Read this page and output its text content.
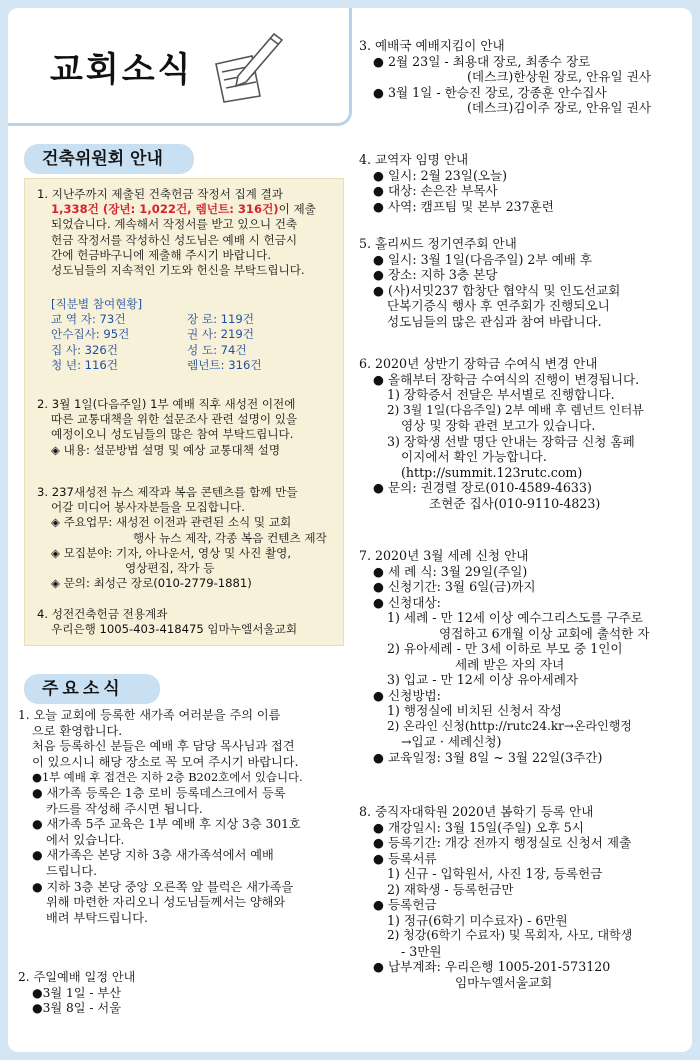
교회소식
건축위원회 안내
1. 지난주까지 제출된 건축헌금 작정서 집계 결과
1,338건 (장년: 1,022건, 렘넌트: 316건)이 제출
되었습니다. 계속해서 작정서를 받고 있으니 건축
헌금 작정서를 작성하신 성도님은 예배 시 헌금시
간에 헌금바구니에 제출해 주시기 바랍니다.
성도님들의 지속적인 기도와 헌신을 부탁드립니다.
[직분별 참여현황]
교 역 자: 73건	장 로: 119건
안수집사: 95건	권 사: 219건
집 사: 326건	성 도: 74건
청 년: 116건	렘넌트: 316건
2. 3월 1일(다음주일) 1부 예배 직후 새성전 이전에
따른 교통대책을 위한 설문조사 관련 설명이 있을
예정이오니 성도님들의 많은 참여 부탁드립니다.
◈ 내용: 설문방법 설명 및 예상 교통대책 설명
3. 237새성전 뉴스 제작과 복음 콘텐츠를 함께 만들
어갈 미디어 봉사자분들을 모집합니다.
◈ 주요업무: 새성전 이전과 관련된 소식 및 교회
행사 뉴스 제작, 각종 복음 컨텐츠 제작
◈ 모집분야: 기자, 아나운서, 영상 및 사진 촬영,
영상편집, 작가 등
◈ 문의: 최성근 장로(010-2779-1881)
4. 성전건축헌금 전용계좌
우리은행 1005-403-418475 임마누엘서울교회
주요소식
1. 오늘 교회에 등록한 새가족 여러분을 주의 이름
으로 환영합니다.
처음 등록하신 분들은 예배 후 담당 목사님과 접견
이 있으시니 해당 장소로 꼭 모여 주시기 바랍니다.
●1부 예배 후 접견은 지하 2층 B202호에서 있습니다.
● 새가족 등록은 1층 로비 등록데스크에서 등록
카드를 작성해 주시면 됩니다.
● 새가족 5주 교육은 1부 예배 후 지상 3층 301호
에서 있습니다.
● 새가족은 본당 지하 3층 새가족석에서 예배
드립니다.
● 지하 3층 본당 중앙 오른쪽 앞 블럭은 새가족을
위해 마련한 자리오니 성도님들께서는 양해와
배려 부탁드립니다.
2. 주일예배 일정 안내
●3월 1일 - 부산
●3월 8일 - 서울
3. 예배국 예배지킴이 안내
● 2월 23일 - 최용대 장로, 최종수 장로
(데스크)한상원 장로, 안유일 권사
● 3월 1일 - 한승진 장로, 강종훈 안수집사
(데스크)김이주 장로, 안유일 권사
4. 교역자 임명 안내
● 일시: 2월 23일(오늘)
● 대상: 손은잔 부목사
● 사역: 캠프팀 및 본부 237훈련
5. 홀리씨드 정기연주회 안내
● 일시: 3월 1일(다음주일) 2부 예배 후
● 장소: 지하 3층 본당
● (사)서밋237 합창단 협약식 및 인도선교회
단복기증식 행사 후 연주회가 진행되오니
성도님들의 많은 관심과 참여 바랍니다.
6. 2020년 상반기 장학금 수여식 변경 안내
● 올해부터 장학금 수여식의 진행이 변경됩니다.
1) 장학증서 전달은 부서별로 진행합니다.
2) 3월 1일(다음주일) 2부 예배 후 렘넌트 인터뷰
영상 및 장학 관련 보고가 있습니다.
3) 장학생 선발 명단 안내는 장학금 신청 홈페
이지에서 확인 가능합니다.
(http://summit.123rutc.com)
● 문의: 권경렬 장로(010-4589-4633)
조현준 집사(010-9110-4823)
7. 2020년 3월 세례 신청 안내
● 세 례 식: 3월 29일(주일)
● 신청기간: 3월 6일(금)까지
● 신청대상:
1) 세례 - 만 12세 이상 예수그리스도를 구주로
영접하고 6개월 이상 교회에 출석한 자
2) 유아세례 - 만 3세 이하로 부모 중 1인이
세례 받은 자의 자녀
3) 입교 - 만 12세 이상 유아세례자
● 신청방법:
1) 행정실에 비치된 신청서 작성
2) 온라인 신청(http://rutc24.kr→온라인행정
→입교 · 세례신청)
● 교육일정: 3월 8일 ~ 3월 22일(3주간)
8. 중직자대학원 2020년 봄학기 등록 안내
● 개강일시: 3월 15일(주일) 오후 5시
● 등록기간: 개강 전까지 행정실로 신청서 제출
● 등록서류
1) 신규 - 입학원서, 사진 1장, 등록헌금
2) 재학생 - 등록헌금만
● 등록헌금
1) 정규(6학기 미수료자) - 6만원
2) 청강(6학기 수료자) 및 목회자, 사모, 대학생
- 3만원
● 납부계좌: 우리은행 1005-201-573120
임마누엘서울교회
